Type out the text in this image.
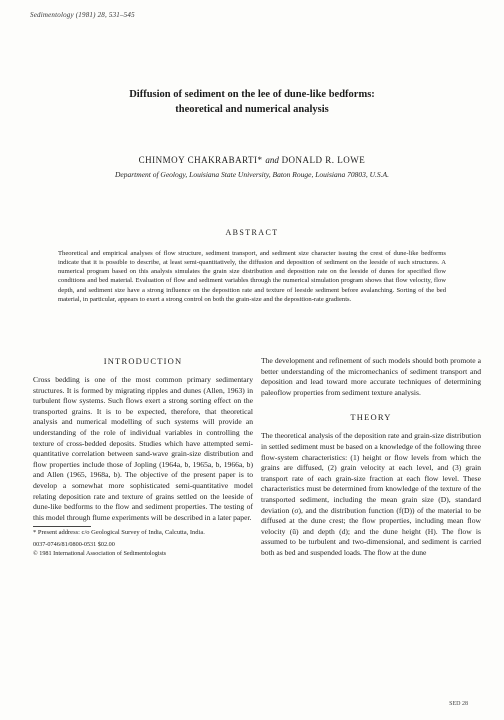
Sedimentology (1981) 28, 531–545
Diffusion of sediment on the lee of dune-like bedforms:
theoretical and numerical analysis
CHINMOY CHAKRABARTI* and DONALD R. LOWE
Department of Geology, Louisiana State University, Baton Rouge, Louisiana 70803, U.S.A.
ABSTRACT

Theoretical and empirical analyses of flow structure, sediment transport, and sediment size character issuing the crest of dune-like bedforms indicate that it is possible to describe, at least semi-quantitatively, the diffusion and deposition of sediment on the leeside of such structures. A numerical program based on this analysis simulates the grain size distribution and deposition rate on the leeside of dunes for specified flow conditions and bed material. Evaluation of flow and sediment variables through the numerical simulation program shows that flow velocity, flow depth, and sediment size have a strong influence on the deposition rate and texture of leeside sediment before avalanching. Sorting of the bed material, in particular, appears to exert a strong control on both the grain-size and the deposition-rate gradients.

INTRODUCTION

Cross bedding is one of the most common primary sedimentary structures. It is formed by migrating ripples and dunes (Allen, 1963) in turbulent flow systems. Such flows exert a strong sorting effect on the transported grains. It is to be expected, therefore, that theoretical analysis and numerical modelling of such systems will provide an understanding of the role of individual variables in controlling the texture of cross-bedded deposits. Studies which have attempted semi-quantitative correlation between sand-wave grain-size distribution and flow properties include those of Jopling (1964a, b, 1965a, b, 1966a, b) and Allen (1965, 1968a, b). The objective of the present paper is to develop a somewhat more sophisticated semi-quantitative model relating deposition rate and texture of grains settled on the leeside of dune-like bedforms to the flow and sediment properties. The testing of this model through flume experiments will be described in a later paper.

* Present address: c/o Geological Survey of India, Calcutta, India.

0037-0746/81/0800-0531 $02.00
© 1981 International Association of Sedimentologists

The development and refinement of such models should both promote a better understanding of the micromechanics of sediment transport and deposition and lead toward more accurate techniques of determining paleoflow properties from sediment texture analysis.

THEORY

The theoretical analysis of the deposition rate and grain-size distribution in settled sediment must be based on a knowledge of the following three flow-system characteristics: (1) height or flow levels from which the grains are diffused, (2) grain velocity at each level, and (3) grain transport rate of each grain-size fraction at each flow level. These characteristics must be determined from knowledge of the texture of the transported sediment, including the mean grain size (D), standard deviation (σ), and the distribution function (f(D)) of the material to be diffused at the dune crest; the flow properties, including mean flow velocity (ū) and depth (d); and the dune height (H). The flow is assumed to be turbulent and two-dimensional, and sediment is carried both as bed and suspended loads. The flow at the dune

SED 28
